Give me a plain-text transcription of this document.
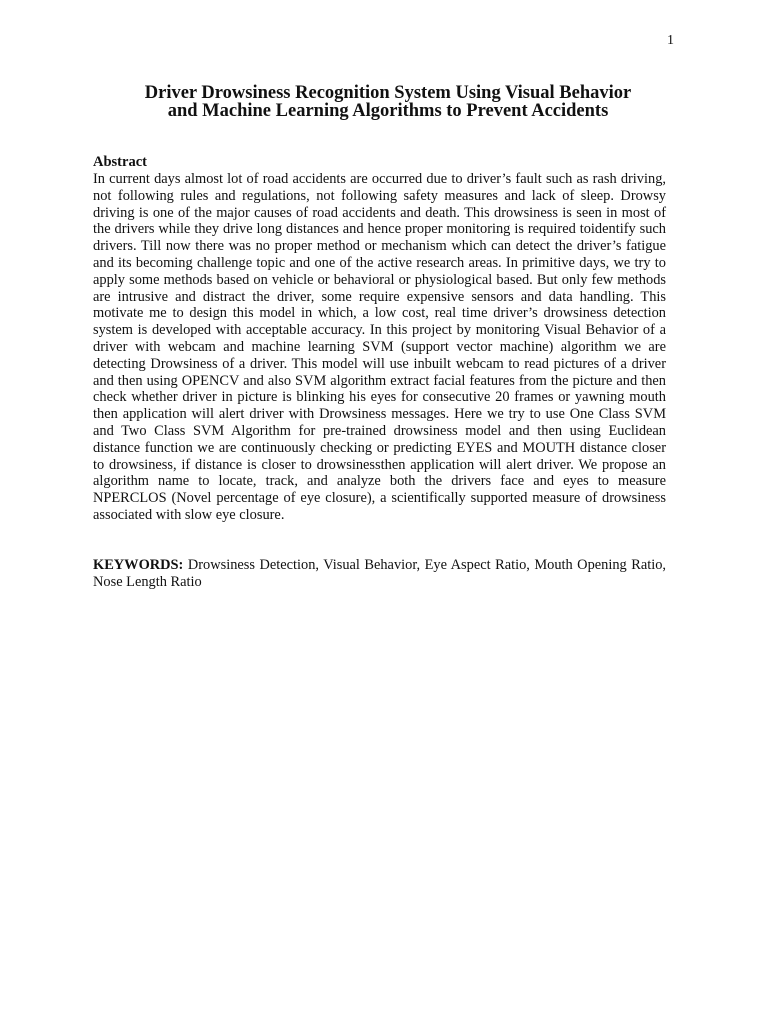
1
Driver Drowsiness Recognition System Using Visual Behavior
and Machine Learning Algorithms to Prevent Accidents
Abstract

In current days almost lot of road accidents are occurred due to driver’s fault such as rash driving, not following rules and regulations, not following safety measures and lack of sleep. Drowsy driving is one of the major causes of road accidents and death. This drowsiness is seen in most of the drivers while they drive long distances and hence proper monitoring is required toidentify such drivers. Till now there was no proper method or mechanism which can detect the driver’s fatigue and its becoming challenge topic and one of the active research areas. In primitive days, we try to apply some methods based on vehicle or behavioral or physiological based. But only few methods are intrusive and distract the driver, some require expensive sensors and data handling. This motivate me to design this model in which, a low cost, real time driver’s drowsiness detection system is developed with acceptable accuracy. In this project by monitoring Visual Behavior of a driver with webcam and machine learning SVM (support vector machine) algorithm we are detecting Drowsiness of a driver. This model will use inbuilt webcam to read pictures of a driver and then using OPENCV and also SVM algorithm extract facial features from the picture and then check whether driver in picture is blinking his eyes for consecutive 20 frames or yawning mouth then application will alert driver with Drowsiness messages. Here we try to use One Class SVM and Two Class SVM Algorithm for pre-trained drowsiness model and then using Euclidean distance function we are continuously checking or predicting EYES and MOUTH distance closer to drowsiness, if distance is closer to drowsinessthen application will alert driver. We propose an algorithm name to locate, track, and analyze both the drivers face and eyes to measure NPERCLOS (Novel percentage of eye closure), a scientifically supported measure of drowsiness associated with slow eye closure.

KEYWORDS: Drowsiness Detection, Visual Behavior, Eye Aspect Ratio, Mouth Opening Ratio, Nose Length Ratio
